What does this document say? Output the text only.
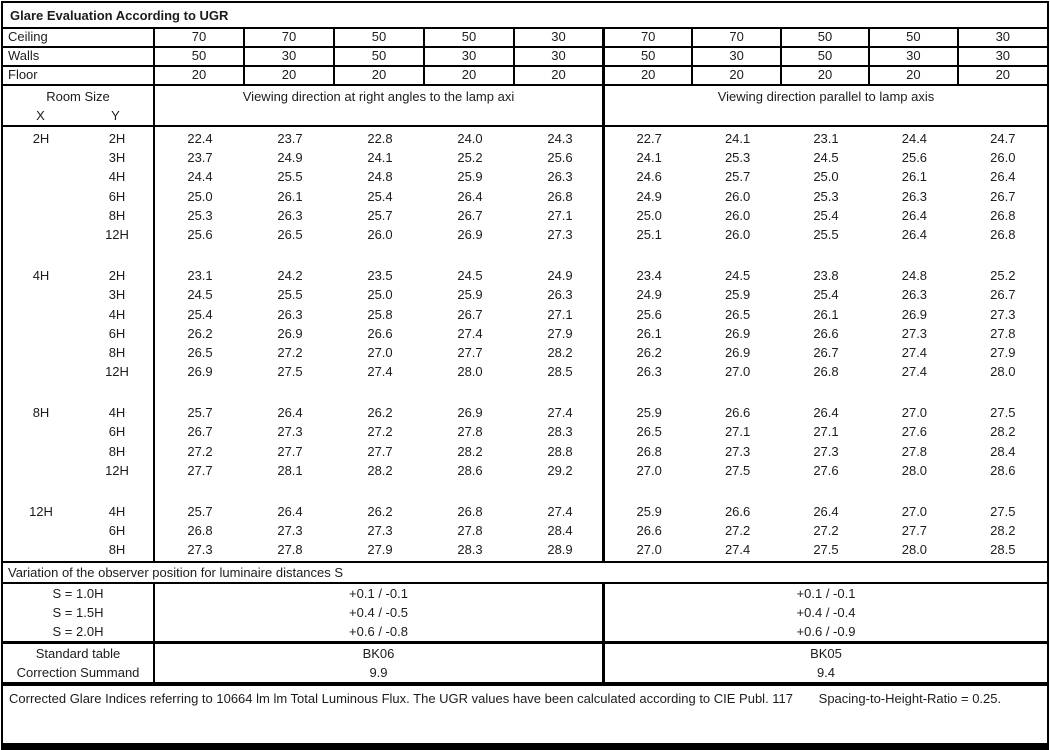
Glare Evaluation According to UGR
Ceiling	70	70	50	50	30	70	70	50	50	30
Walls	50	30	50	30	30	50	30	50	30	30
Floor	20	20	20	20	20	20	20	20	20	20
Room Size
X	Y
Viewing direction at right angles to the lamp axi	Viewing direction parallel to lamp axis
2H	2H	22.4	23.7	22.8	24.0	24.3	22.7	24.1	23.1	24.4	24.7
3H	23.7	24.9	24.1	25.2	25.6	24.1	25.3	24.5	25.6	26.0
4H	24.4	25.5	24.8	25.9	26.3	24.6	25.7	25.0	26.1	26.4
6H	25.0	26.1	25.4	26.4	26.8	24.9	26.0	25.3	26.3	26.7
8H	25.3	26.3	25.7	26.7	27.1	25.0	26.0	25.4	26.4	26.8
12H	25.6	26.5	26.0	26.9	27.3	25.1	26.0	25.5	26.4	26.8
4H	2H	23.1	24.2	23.5	24.5	24.9	23.4	24.5	23.8	24.8	25.2
3H	24.5	25.5	25.0	25.9	26.3	24.9	25.9	25.4	26.3	26.7
4H	25.4	26.3	25.8	26.7	27.1	25.6	26.5	26.1	26.9	27.3
6H	26.2	26.9	26.6	27.4	27.9	26.1	26.9	26.6	27.3	27.8
8H	26.5	27.2	27.0	27.7	28.2	26.2	26.9	26.7	27.4	27.9
12H	26.9	27.5	27.4	28.0	28.5	26.3	27.0	26.8	27.4	28.0
8H	4H	25.7	26.4	26.2	26.9	27.4	25.9	26.6	26.4	27.0	27.5
6H	26.7	27.3	27.2	27.8	28.3	26.5	27.1	27.1	27.6	28.2
8H	27.2	27.7	27.7	28.2	28.8	26.8	27.3	27.3	27.8	28.4
12H	27.7	28.1	28.2	28.6	29.2	27.0	27.5	27.6	28.0	28.6
12H	4H	25.7	26.4	26.2	26.8	27.4	25.9	26.6	26.4	27.0	27.5
6H	26.8	27.3	27.3	27.8	28.4	26.6	27.2	27.2	27.7	28.2
8H	27.3	27.8	27.9	28.3	28.9	27.0	27.4	27.5	28.0	28.5
Variation of the observer position for luminaire distances S
S = 1.0H	+0.1 / -0.1	+0.1 / -0.1
S = 1.5H	+0.4 / -0.5	+0.4 / -0.4
S = 2.0H	+0.6 / -0.8	+0.6 / -0.9
Standard table	BK06	BK05
Correction Summand	9.9	9.4
Corrected Glare Indices referring to 10664 lm lm Total Luminous Flux. The UGR values have been calculated according to CIE Publ. 117 Spacing-to-Height-Ratio = 0.25.
